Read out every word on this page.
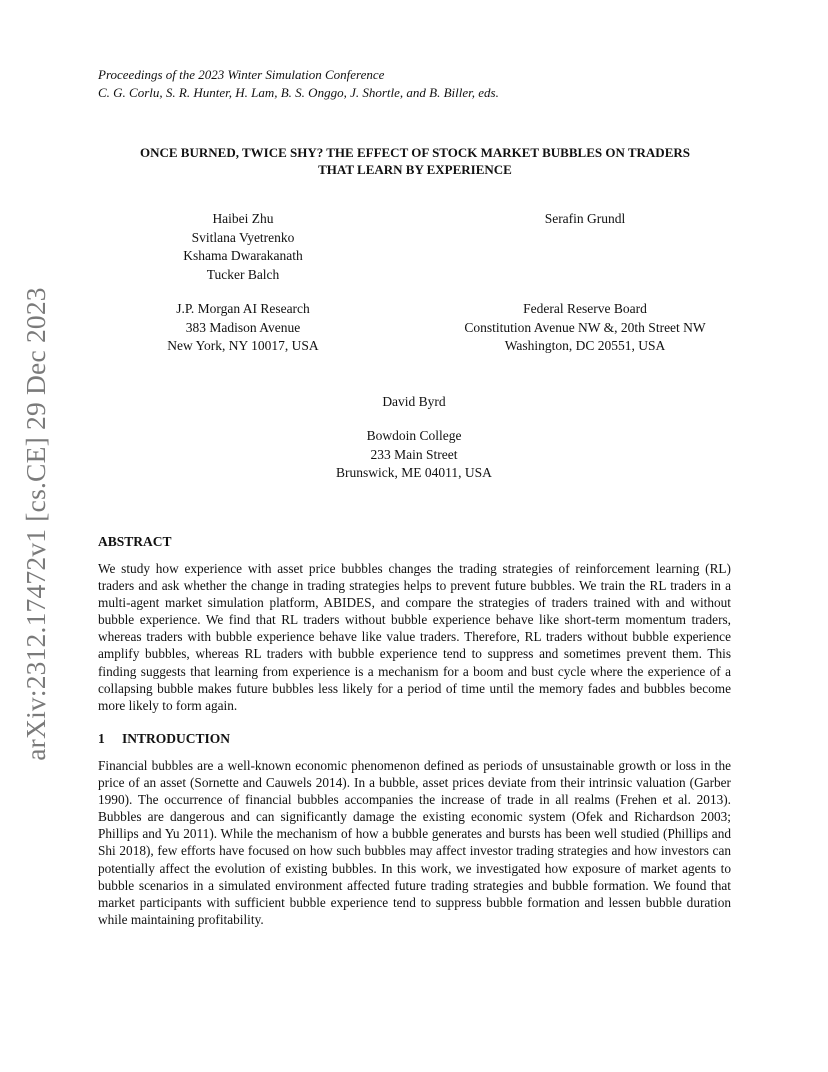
arXiv:2312.17472v1 [cs.CE] 29 Dec 2023
Proceedings of the 2023 Winter Simulation Conference
C. G. Corlu, S. R. Hunter, H. Lam, B. S. Onggo, J. Shortle, and B. Biller, eds.
ONCE BURNED, TWICE SHY? THE EFFECT OF STOCK MARKET BUBBLES ON TRADERS
THAT LEARN BY EXPERIENCE
Haibei Zhu
Svitlana Vyetrenko
Kshama Dwarakanath
Tucker Balch
Serafin Grundl
J.P. Morgan AI Research
383 Madison Avenue
New York, NY 10017, USA
Federal Reserve Board
Constitution Avenue NW &, 20th Street NW
Washington, DC 20551, USA
David Byrd
Bowdoin College
233 Main Street
Brunswick, ME 04011, USA
ABSTRACT

We study how experience with asset price bubbles changes the trading strategies of reinforcement learning (RL) traders and ask whether the change in trading strategies helps to prevent future bubbles. We train the RL traders in a multi-agent market simulation platform, ABIDES, and compare the strategies of traders trained with and without bubble experience. We find that RL traders without bubble experience behave like short-term momentum traders, whereas traders with bubble experience behave like value traders. Therefore, RL traders without bubble experience amplify bubbles, whereas RL traders with bubble experience tend to suppress and sometimes prevent them. This finding suggests that learning from experience is a mechanism for a boom and bust cycle where the experience of a collapsing bubble makes future bubbles less likely for a period of time until the memory fades and bubbles become more likely to form again.

1 INTRODUCTION

Financial bubbles are a well-known economic phenomenon defined as periods of unsustainable growth or loss in the price of an asset (Sornette and Cauwels 2014). In a bubble, asset prices deviate from their intrinsic valuation (Garber 1990). The occurrence of financial bubbles accompanies the increase of trade in all realms (Frehen et al. 2013). Bubbles are dangerous and can significantly damage the existing economic system (Ofek and Richardson 2003; Phillips and Yu 2011). While the mechanism of how a bubble generates and bursts has been well studied (Phillips and Shi 2018), few efforts have focused on how such bubbles may affect investor trading strategies and how investors can potentially affect the evolution of existing bubbles. In this work, we investigated how exposure of market agents to bubble scenarios in a simulated environment affected future trading strategies and bubble formation. We found that market participants with sufficient bubble experience tend to suppress bubble formation and lessen bubble duration while maintaining profitability.
